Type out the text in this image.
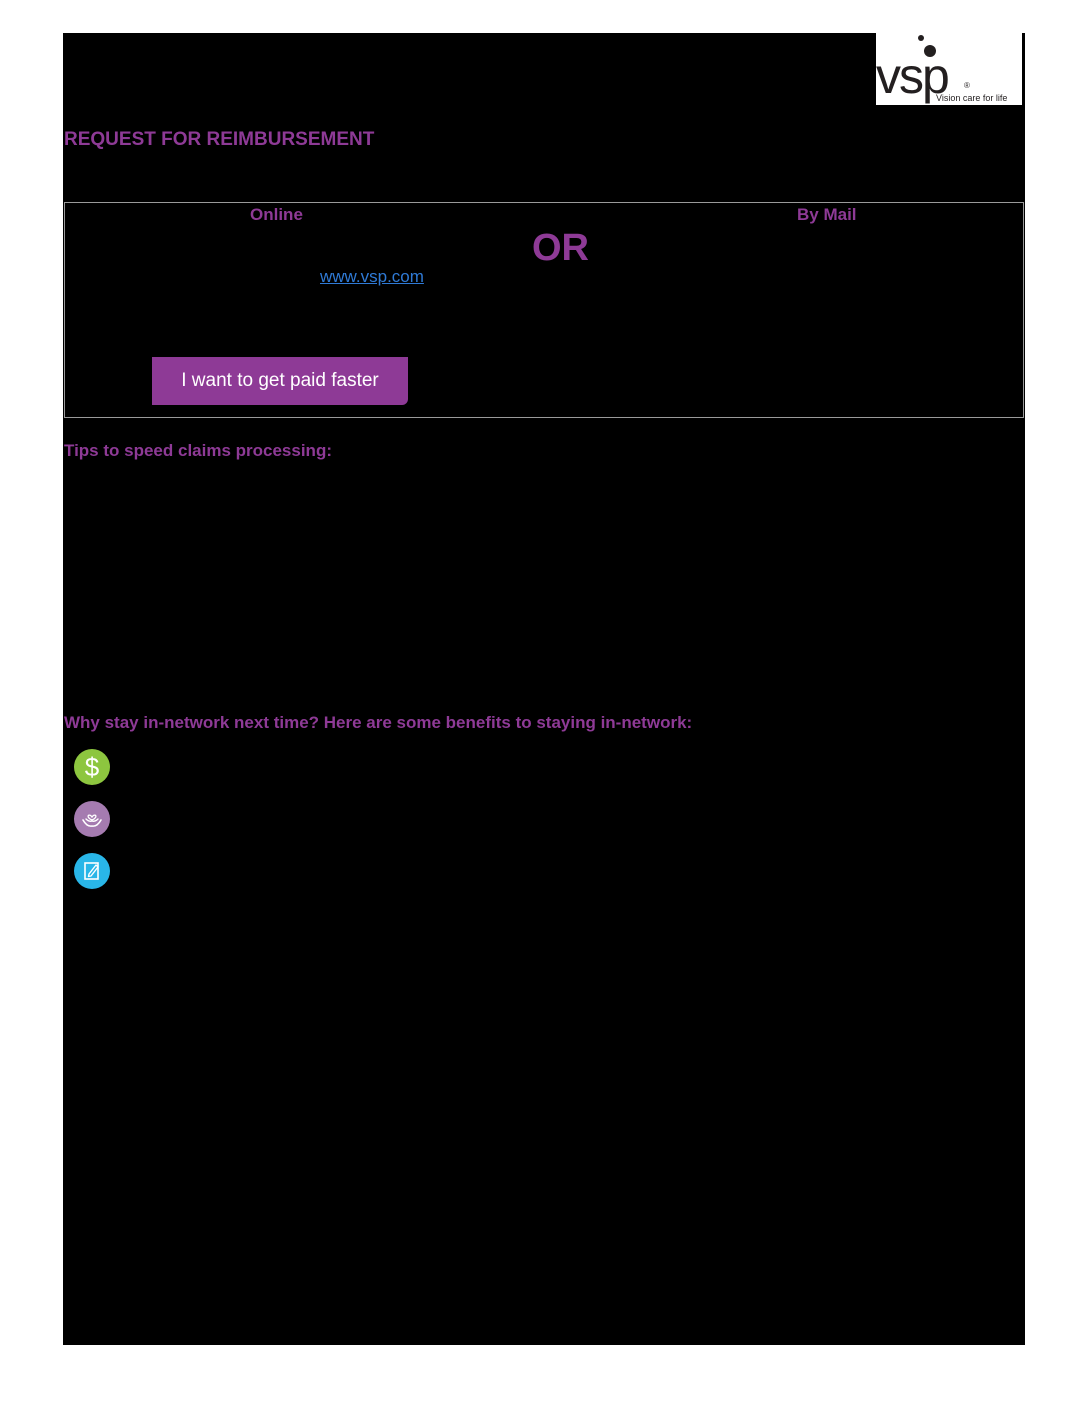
vsp ®
Vision care for life
REQUEST FOR REIMBURSEMENT
Online
OR
By Mail
www.vsp.com
I want to get paid faster
Tips to speed claims processing:
Why stay in-network next time? Here are some benefits to staying in-network:
$
